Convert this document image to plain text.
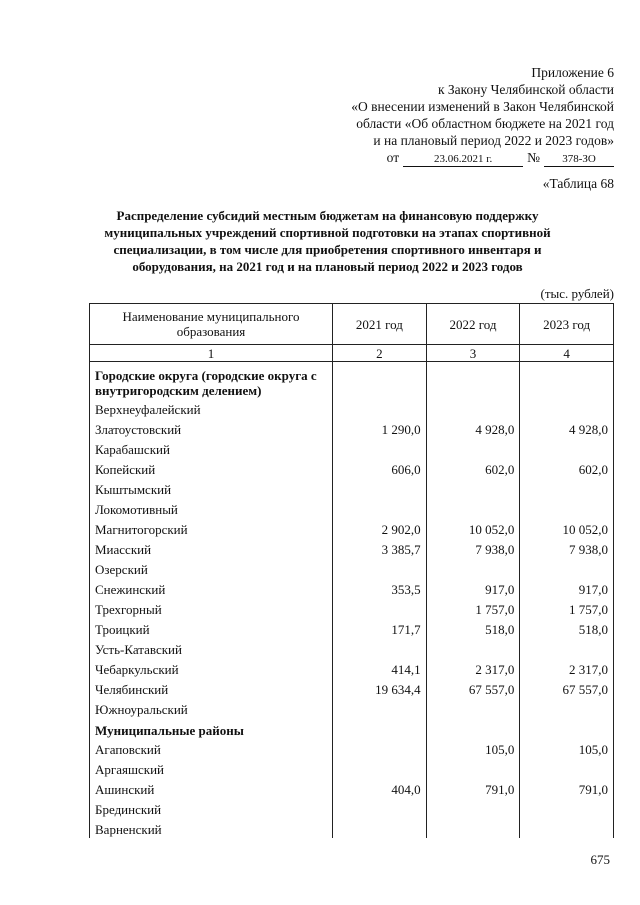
Приложение 6
к Закону Челябинской области
«О внесении изменений в Закон Челябинской
области «Об областном бюджете на 2021 год
и на плановый период 2022 и 2023 годов»
от	23.06.2021 г.	№	378-ЗО
«Таблица 68
Распределение субсидий местным бюджетам на финансовую поддержку муниципальных учреждений спортивной подготовки на этапах спортивной специализации, в том числе для приобретения спортивного инвентаря и оборудования, на 2021 год и на плановый период 2022 и 2023 годов
(тыс. рублей)
Наименование муниципального образования	2021 год	2022 год	2023 год
1	2	3	4
Городские округа (городские округа с внутригородским делением)			
Верхнеуфалейский			
Златоустовский	1 290,0	4 928,0	4 928,0
Карабашский			
Копейский	606,0	602,0	602,0
Кыштымский			
Локомотивный			
Магнитогорский	2 902,0	10 052,0	10 052,0
Миасский	3 385,7	7 938,0	7 938,0
Озерский			
Снежинский	353,5	917,0	917,0
Трехгорный		1 757,0	1 757,0
Троицкий	171,7	518,0	518,0
Усть-Катавский			
Чебаркульский	414,1	2 317,0	2 317,0
Челябинский	19 634,4	67 557,0	67 557,0
Южноуральский			
Муниципальные районы			
Агаповский		105,0	105,0
Аргаяшский			
Ашинский	404,0	791,0	791,0
Брединский			
Варненский			
675
